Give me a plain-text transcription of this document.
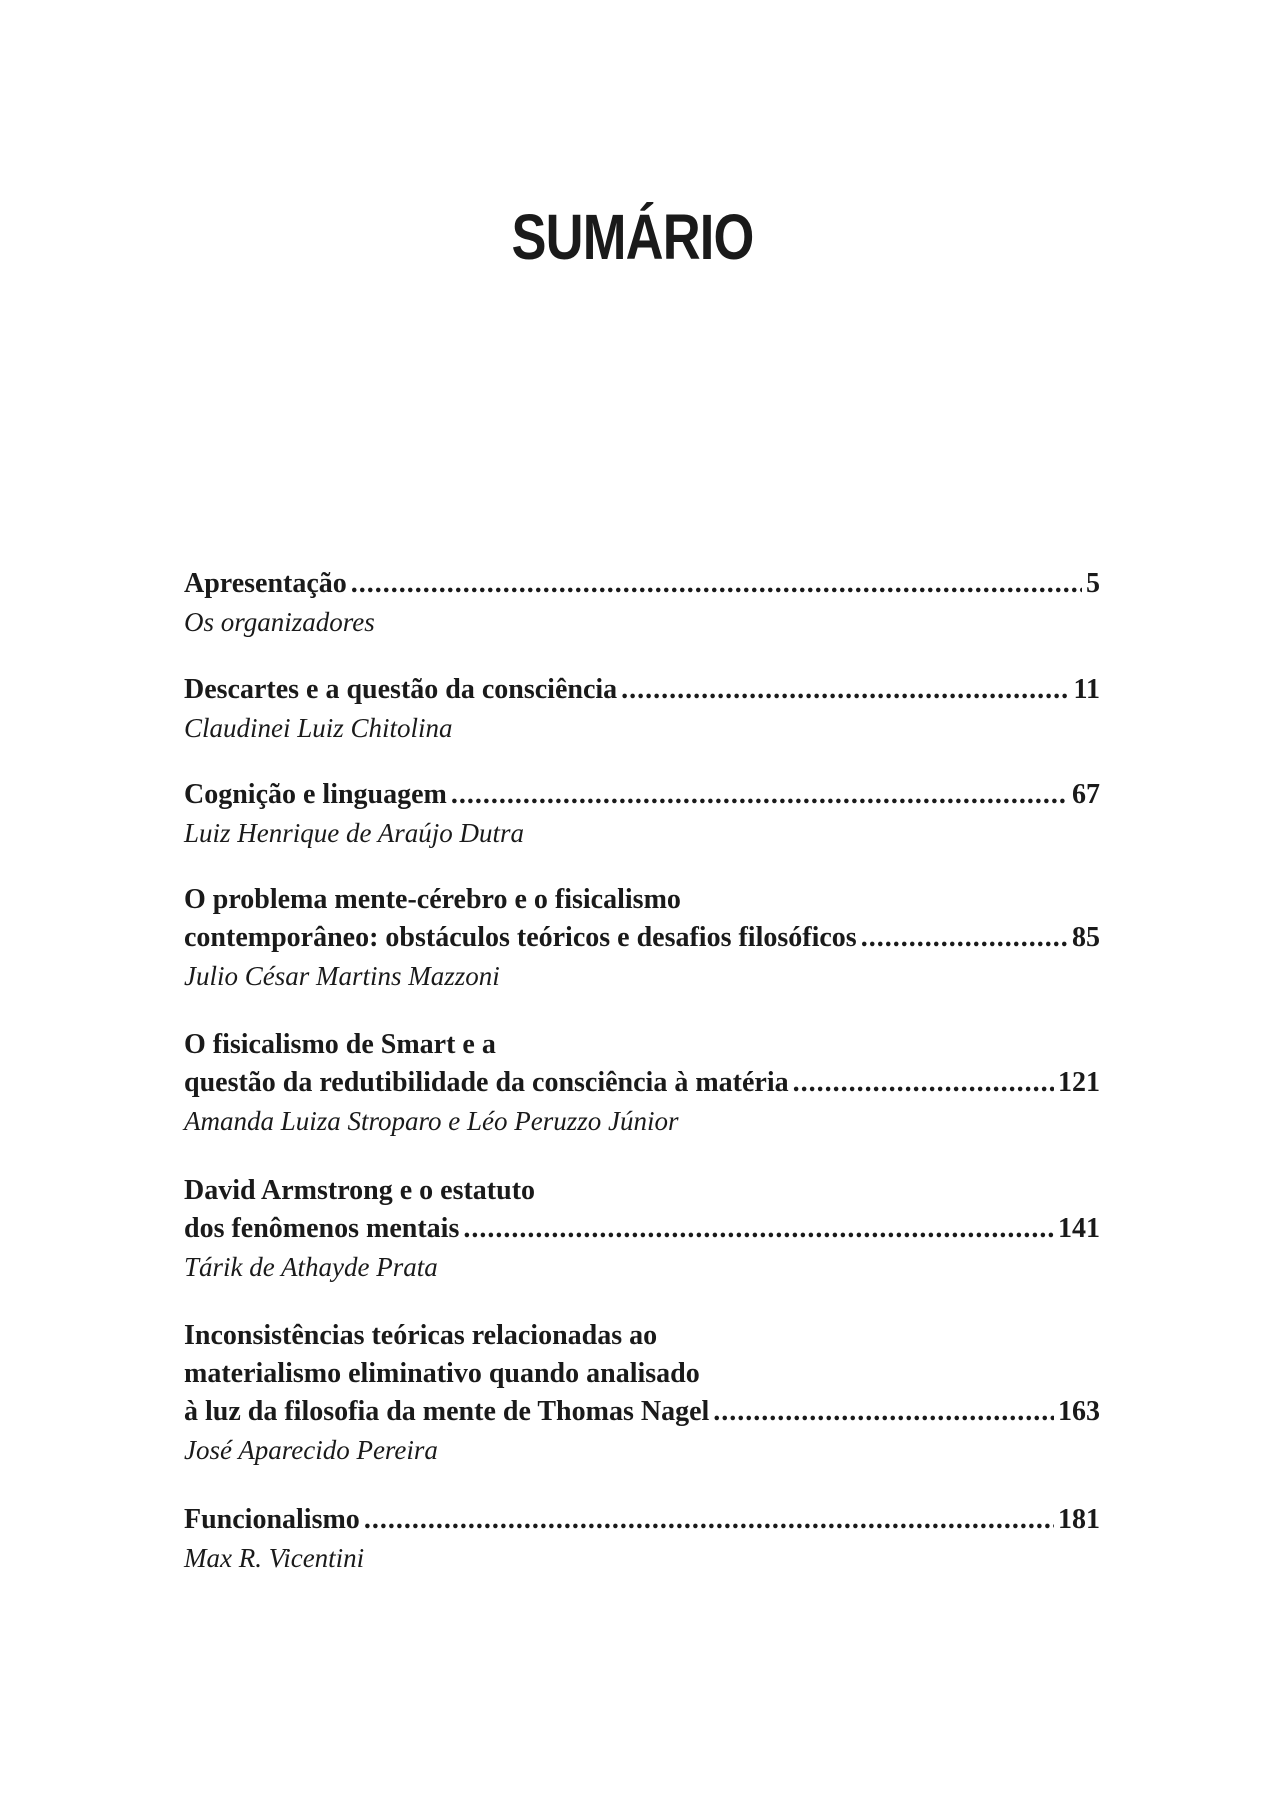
SUMÁRIO
Apresentação .....	5
Os organizadores
Descartes e a questão da consciência .....	11
Claudinei Luiz Chitolina
Cognição e linguagem .....	67
Luiz Henrique de Araújo Dutra
O problema mente-cérebro e o fisicalismo
contemporâneo: obstáculos teóricos e desafios filosóficos .....	85
Julio César Martins Mazzoni
O fisicalismo de Smart e a
questão da redutibilidade da consciência à matéria .....	121
Amanda Luiza Stroparo e Léo Peruzzo Júnior
David Armstrong e o estatuto
dos fenômenos mentais .....	141
Tárik de Athayde Prata
Inconsistências teóricas relacionadas ao
materialismo eliminativo quando analisado
à luz da filosofia da mente de Thomas Nagel .....	163
José Aparecido Pereira
Funcionalismo .....	181
Max R. Vicentini
